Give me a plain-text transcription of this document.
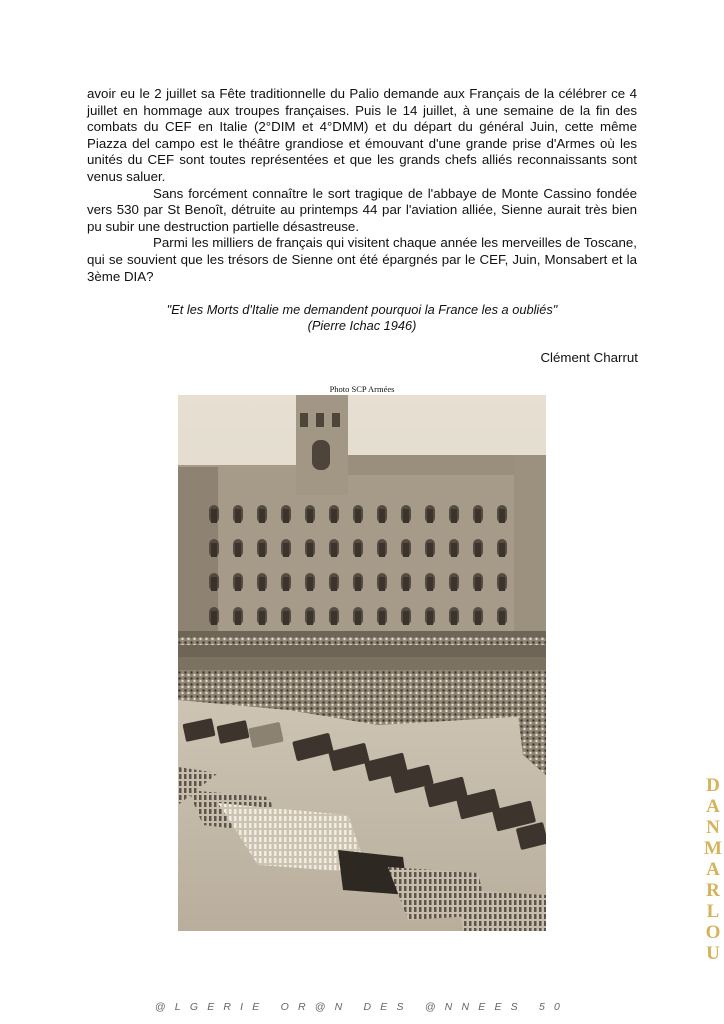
avoir eu le 2 juillet sa Fête traditionnelle du Palio demande aux Français de la célébrer ce 4 juillet en hommage aux troupes françaises. Puis le 14 juillet, à une semaine de la fin des combats du CEF en Italie (2°DIM et 4°DMM) et du départ du général Juin, cette même Piazza del campo est le théâtre grandiose et émouvant d'une grande prise d'Armes où les unités du CEF sont toutes représentées et que les grands chefs alliés reconnaissants sont venus saluer.

Sans forcément connaître le sort tragique de l'abbaye de Monte Cassino fondée vers 530 par St Benoît, détruite au printemps 44 par l'aviation alliée, Sienne aurait très bien pu subir une destruction partielle désastreuse.

Parmi les milliers de français qui visitent chaque année les merveilles de Toscane, qui se souvient que les trésors de Sienne ont été épargnés par le CEF, Juin, Monsabert et la 3ème DIA?

"Et les Morts d'Italie me demandent pourquoi la France les a oubliés"
(Pierre Ichac 1946)
Clément Charrut
Photo SCP Armées
D
A
N
M
A
R
L
O
U
@LGERIE OR@N DES @NNEES 50
